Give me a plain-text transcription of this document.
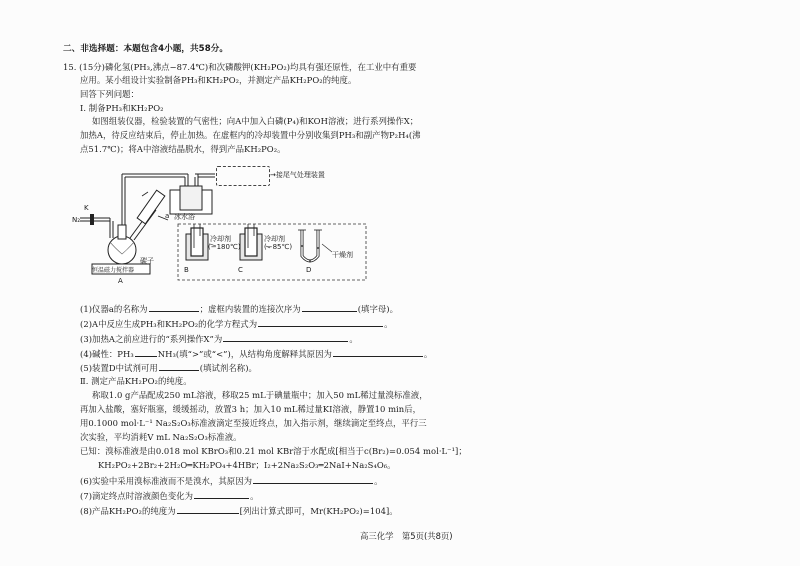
二、非选择题：本题包含4小题，共58分。
15. (15分)磷化氢(PH₃,沸点−87.4℃)和次磷酸钾(KH₂PO₂)均具有强还原性，在工业中有重要
应用。某小组设计实验制备PH₃和KH₂PO₂，并测定产品KH₂PO₂的纯度。
回答下列问题：
Ⅰ. 制备PH₃和KH₂PO₂
如图组装仪器，检验装置的气密性；向A中加入白磷(P₄)和KOH溶液；进行系列操作X；
加热A，待反应结束后，停止加热。在虚框内的冷却装置中分别收集到PH₃和副产物P₂H₄(沸
点51.7℃)；将A中溶液结晶脱水，得到产品KH₂PO₂。
→接尾气处理装置
冰水浴
K
a
N₂
碳子
恒温磁力搅拌器
A
B
冷却剂
(−180℃)
C
冷却剂
(−85℃)
D
干燥剂
(1)仪器a的名称为	；虚框内装置的连接次序为	(填字母)。
(2)A中反应生成PH₃和KH₂PO₂的化学方程式为	。
(3)加热A之前应进行的“系列操作X”为	。
(4)碱性：PH₃	NH₃(填“>”或“<”)，从结构角度解释其原因为	。
(5)装置D中试剂可用	(填试剂名称)。
Ⅱ. 测定产品KH₂PO₂的纯度。
称取1.0 g产品配成250 mL溶液，移取25 mL于碘量瓶中；加入50 mL稀过量溴标准液，
再加入盐酸，塞好瓶塞，缓缓摇动，放置3 h；加入10 mL稀过量KI溶液，静置10 min后，
用0.1000 mol·L⁻¹ Na₂S₂O₃标准液滴定至接近终点，加入指示剂，继续滴定至终点，平行三
次实验，平均消耗V mL Na₂S₂O₃标准液。
已知：溴标准液是由0.018 mol KBrO₃和0.21 mol KBr溶于水配成[相当于c(Br₂)=0.054 mol·L⁻¹]；
KH₂PO₂+2Br₂+2H₂O═KH₂PO₄+4HBr；I₂+2Na₂S₂O₃═2NaI+Na₂S₄O₆。
(6)实验中采用溴标准液而不是溴水，其原因为	。
(7)滴定终点时溶液颜色变化为	。
(8)产品KH₂PO₂的纯度为	[列出计算式即可，Mr(KH₂PO₂)=104]。
高三化学　第5页(共8页)
